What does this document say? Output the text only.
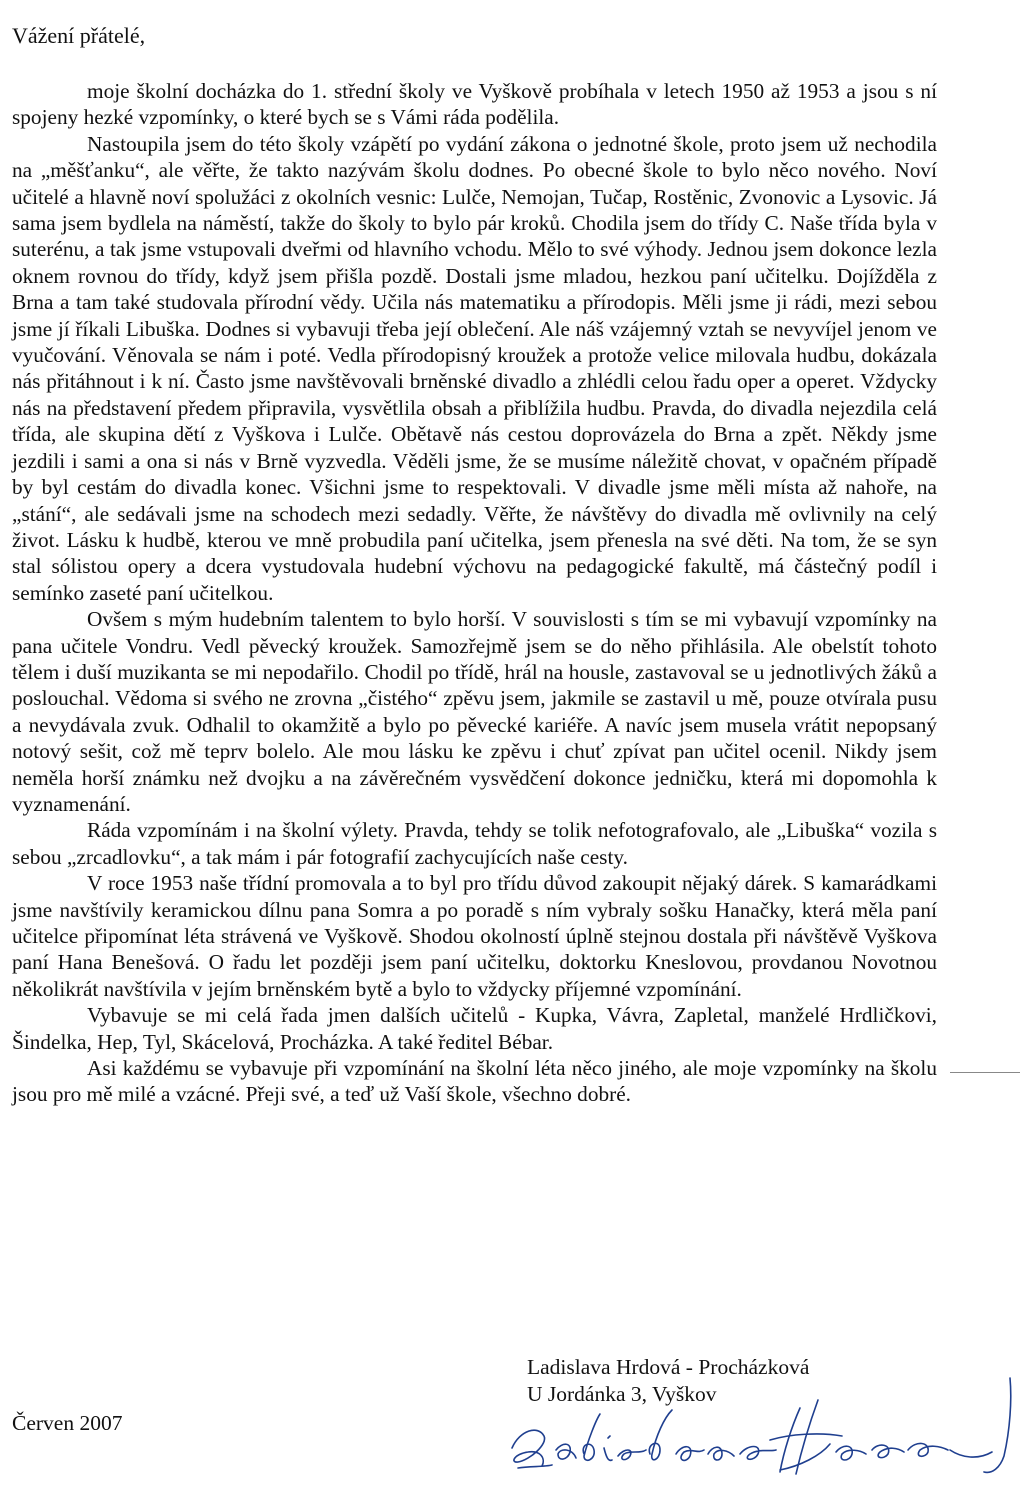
Vážení přátelé,

moje školní docházka do 1. střední školy ve Vyškově probíhala v letech 1950 až 1953 a jsou s ní spojeny hezké vzpomínky, o které bych se s Vámi ráda podělila.

Nastoupila jsem do této školy vzápětí po vydání zákona o jednotné škole, proto jsem už nechodila na „měšťanku“, ale věřte, že takto nazývám školu dodnes. Po obecné škole to bylo něco nového. Noví učitelé a hlavně noví spolužáci z okolních vesnic: Lulče, Nemojan, Tučap, Rostěnic, Zvonovic a Lysovic. Já sama jsem bydlela na náměstí, takže do školy to bylo pár kroků. Chodila jsem do třídy C. Naše třída byla v suterénu, a tak jsme vstupovali dveřmi od hlavního vchodu. Mělo to své výhody. Jednou jsem dokonce lezla oknem rovnou do třídy, když jsem přišla pozdě. Dostali jsme mladou, hezkou paní učitelku. Dojížděla z Brna a tam také studovala přírodní vědy. Učila nás matematiku a přírodopis. Měli jsme ji rádi, mezi sebou jsme jí říkali Libuška. Dodnes si vybavuji třeba její oblečení. Ale náš vzájemný vztah se nevyvíjel jenom ve vyučování. Věnovala se nám i poté. Vedla přírodopisný kroužek a protože velice milovala hudbu, dokázala nás přitáhnout i k ní. Často jsme navštěvovali brněnské divadlo a zhlédli celou řadu oper a operet. Vždycky nás na představení předem připravila, vysvětlila obsah a přiblížila hudbu. Pravda, do divadla nejezdila celá třída, ale skupina dětí z Vyškova i Lulče. Obětavě nás cestou doprovázela do Brna a zpět. Někdy jsme jezdili i sami a ona si nás v Brně vyzvedla. Věděli jsme, že se musíme náležitě chovat, v opačném případě by byl cestám do divadla konec. Všichni jsme to respektovali. V divadle jsme měli místa až nahoře, na „stání“, ale sedávali jsme na schodech mezi sedadly. Věřte, že návštěvy do divadla mě ovlivnily na celý život. Lásku k hudbě, kterou ve mně probudila paní učitelka, jsem přenesla na své děti. Na tom, že se syn stal sólistou opery a dcera vystudovala hudební výchovu na pedagogické fakultě, má částečný podíl i semínko zaseté paní učitelkou.

Ovšem s mým hudebním talentem to bylo horší. V souvislosti s tím se mi vybavují vzpomínky na pana učitele Vondru. Vedl pěvecký kroužek. Samozřejmě jsem se do něho přihlásila. Ale obelstít tohoto tělem i duší muzikanta se mi nepodařilo. Chodil po třídě, hrál na housle, zastavoval se u jednotlivých žáků a poslouchal. Vědoma si svého ne zrovna „čistého“ zpěvu jsem, jakmile se zastavil u mě, pouze otvírala pusu a nevydávala zvuk. Odhalil to okamžitě a bylo po pěvecké kariéře. A navíc jsem musela vrátit nepopsaný notový sešit, což mě teprv bolelo. Ale mou lásku ke zpěvu i chuť zpívat pan učitel ocenil. Nikdy jsem neměla horší známku než dvojku a na závěrečném vysvědčení dokonce jedničku, která mi dopomohla k vyznamenání.

Ráda vzpomínám i na školní výlety. Pravda, tehdy se tolik nefotografovalo, ale „Libuška“ vozila s sebou „zrcadlovku“, a tak mám i pár fotografií zachycujících naše cesty.

V roce 1953 naše třídní promovala a to byl pro třídu důvod zakoupit nějaký dárek. S kamarádkami jsme navštívily keramickou dílnu pana Somra a po poradě s ním vybraly sošku Hanačky, která měla paní učitelce připomínat léta strávená ve Vyškově. Shodou okolností úplně stejnou dostala při návštěvě Vyškova paní Hana Benešová. O řadu let později jsem paní učitelku, doktorku Kneslovou, provdanou Novotnou několikrát navštívila v jejím brněnském bytě a bylo to vždycky příjemné vzpomínání.

Vybavuje se mi celá řada jmen dalších učitelů - Kupka, Vávra, Zapletal, manželé Hrdličkovi, Šindelka, Hep, Tyl, Skácelová, Procházka. A také ředitel Bébar.

Asi každému se vybavuje při vzpomínání na školní léta něco jiného, ale moje vzpomínky na školu jsou pro mě milé a vzácné. Přeji své, a teď už Vaší škole, všechno dobré.

Ladislava Hrdová - Procházková
U Jordánka 3, Vyškov
Červen 2007
